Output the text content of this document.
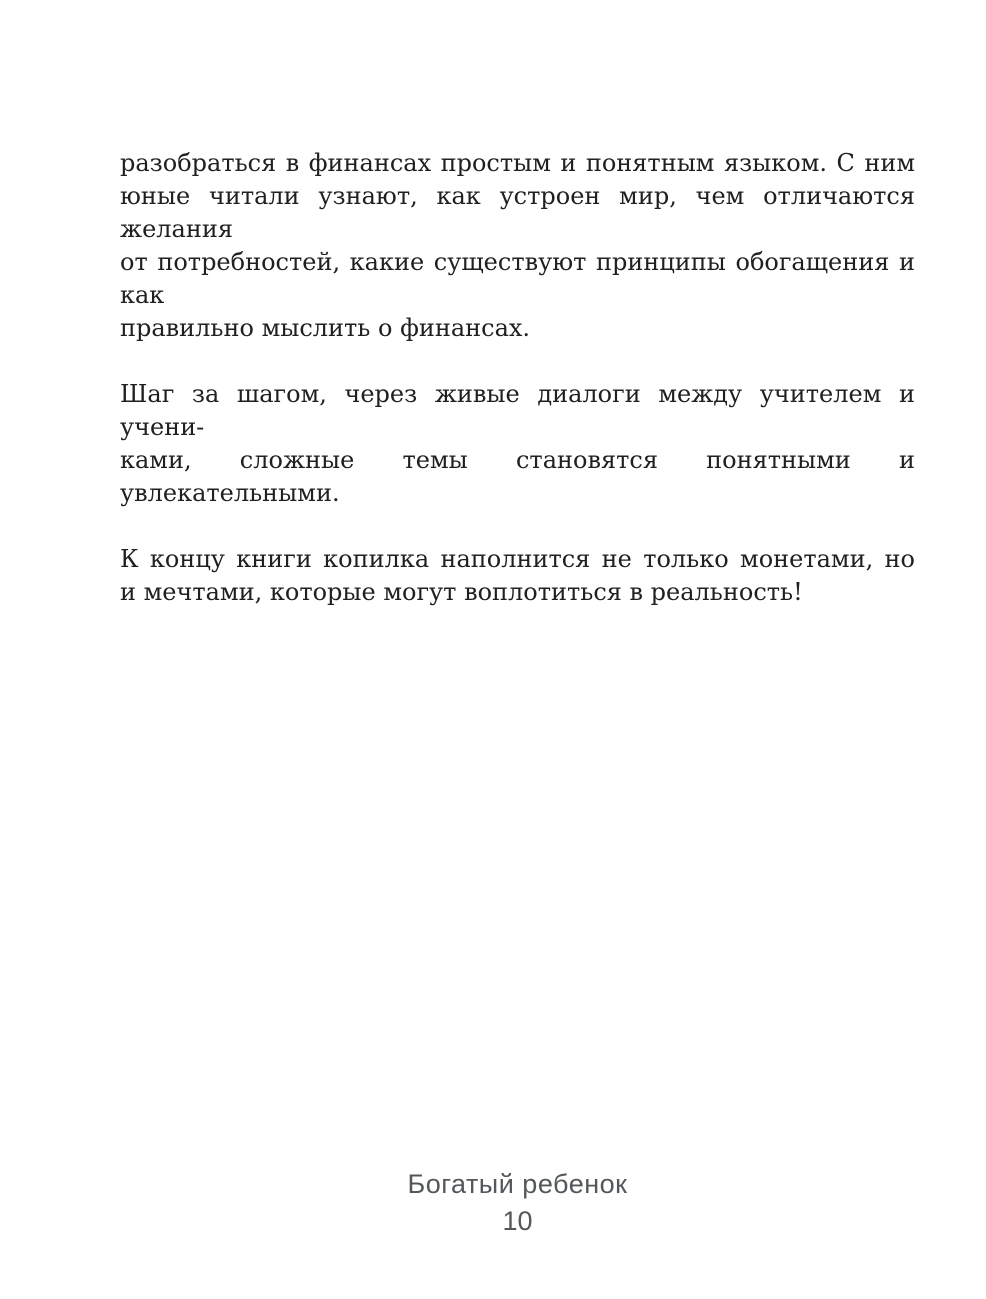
разобраться в финансах простым и понятным языком. С ним
юные читали узнают, как устроен мир, чем отличаются желания
от потребностей, какие существуют принципы обогащения и как
правильно мыслить о финансах.

Шаг за шагом, через живые диалоги между учителем и учени-
ками, сложные темы становятся понятными и увлекательными.

К концу книги копилка наполнится не только монетами, но
и мечтами, которые могут воплотиться в реальность!

Богатый ребенок
10
